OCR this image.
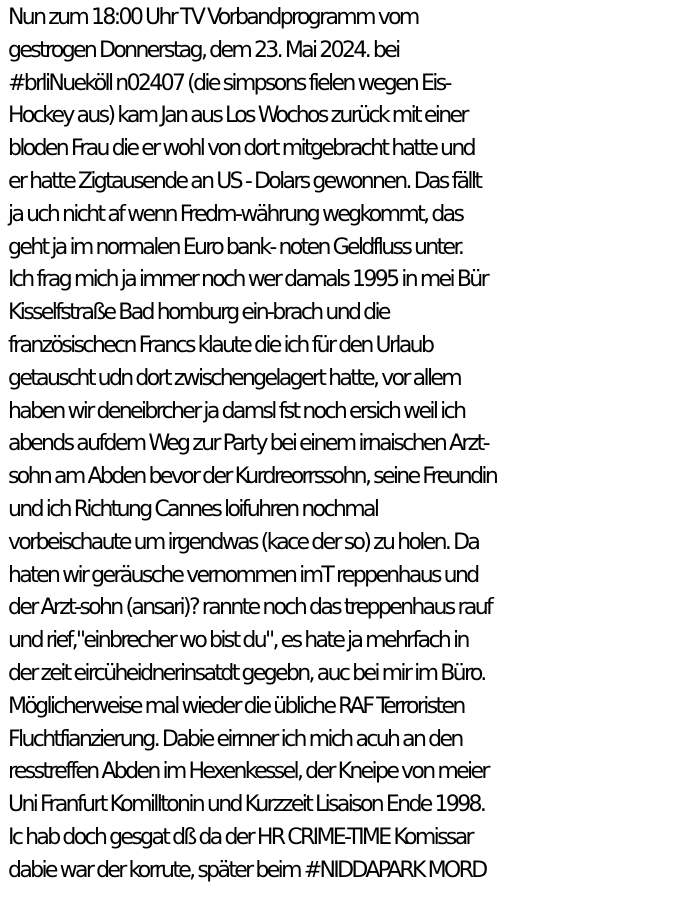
Nun zum 18:00 Uhr TV Vorbandprogramm vom
gestrogen Donnerstag, dem 23. Mai 2024. bei
#brliNueköll n02407 (die simpsons fielen wegen Eis-
Hockey aus) kam Jan aus Los Wochos zurück mit einer
bloden Frau die er wohl von dort mitgebracht hatte und
er hatte Zigtausende an US - Dolars gewonnen. Das fällt
ja uch nicht af wenn Fredm-währung wegkommt, das
geht ja im normalen Euro bank- noten Geldfluss unter.
Ich frag mich ja immer noch wer damals 1995 in mei Bür
Kisselfstraße Bad homburg ein-brach und die
französischecn Francs klaute die ich für den Urlaub
getauscht udn dort zwischengelagert hatte, vor allem
haben wir deneibrcher ja damsl fst noch ersich weil ich
abends aufdem Weg zur Party bei einem irnaischen Arzt-
sohn am Abden bevor der Kurdreorrssohn, seine Freundin
und ich Richtung Cannes loifuhren nochmal
vorbeischaute um irgendwas (kace der so) zu holen. Da
haten wir geräusche vernommen imT reppenhaus und
der Arzt-sohn (ansari)? rannte noch das treppenhaus rauf
und rief,"einbrecher wo bist du", es hate ja mehrfach in
der zeit eircüheidnerinsatdt gegebn, auc bei mir im Büro.
Möglicherweise mal wieder die übliche RAF Terroristen
Fluchtfianzierung. Dabie eirnner ich mich acuh an den
resstreffen Abden im Hexenkessel, der Kneipe von meier
Uni Franfurt Komilltonin und Kurzzeit Lisaison Ende 1998.
Ic hab doch gesgat dß da der HR CRIME-TIME Komissar
dabie war der korrute, später beim #NIDDAPARK MORD
